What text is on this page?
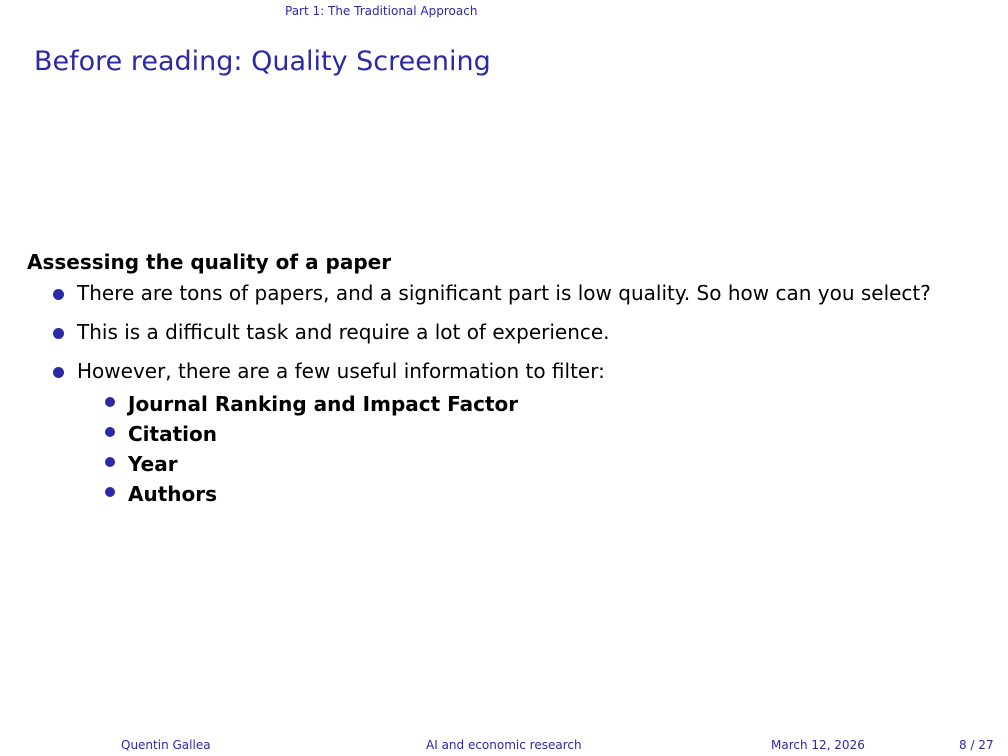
Part 1: The Traditional Approach
Before reading: Quality Screening
Assessing the quality of a paper
There are tons of papers, and a significant part is low quality. So how can you select?
This is a difficult task and require a lot of experience.
However, there are a few useful information to filter:
Journal Ranking and Impact Factor
Citation
Year
Authors
Quentin Gallea	AI and economic research	March 12, 2026	8 / 27
